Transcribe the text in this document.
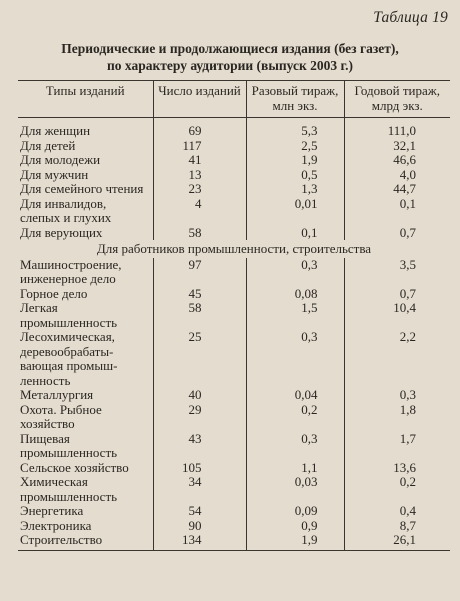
Таблица 19
Периодические и продолжающиеся издания (без газет),
по характеру аудитории (выпуск 2003 г.)
Типы изданий	Число изданий	Разовый тираж, млн экз.	Годовой тираж, млрд экз.
Для женщин	69	5,3	111,0
Для детей	117	2,5	32,1
Для молодежи	41	1,9	46,6
Для мужчин	13	0,5	4,0
Для семейного чтения	23	1,3	44,7
Для инвалидов, слепых и глухих	4	0,01	0,1
Для верующих	58	0,1	0,7
Для работников промышленности, строительства			
Машиностроение, инженерное дело	97	0,3	3,5
Горное дело	45	0,08	0,7
Легкая промышленность	58	1,5	10,4
Лесохимическая, деревообрабаты-вающая промыш-ленность	25	0,3	2,2
Металлургия	40	0,04	0,3
Охота. Рыбное хозяйство	29	0,2	1,8
Пищевая промышленность	43	0,3	1,7
Сельское хозяйство	105	1,1	13,6
Химическая промышленность	34	0,03	0,2
Энергетика	54	0,09	0,4
Электроника	90	0,9	8,7
Строительство	134	1,9	26,1
